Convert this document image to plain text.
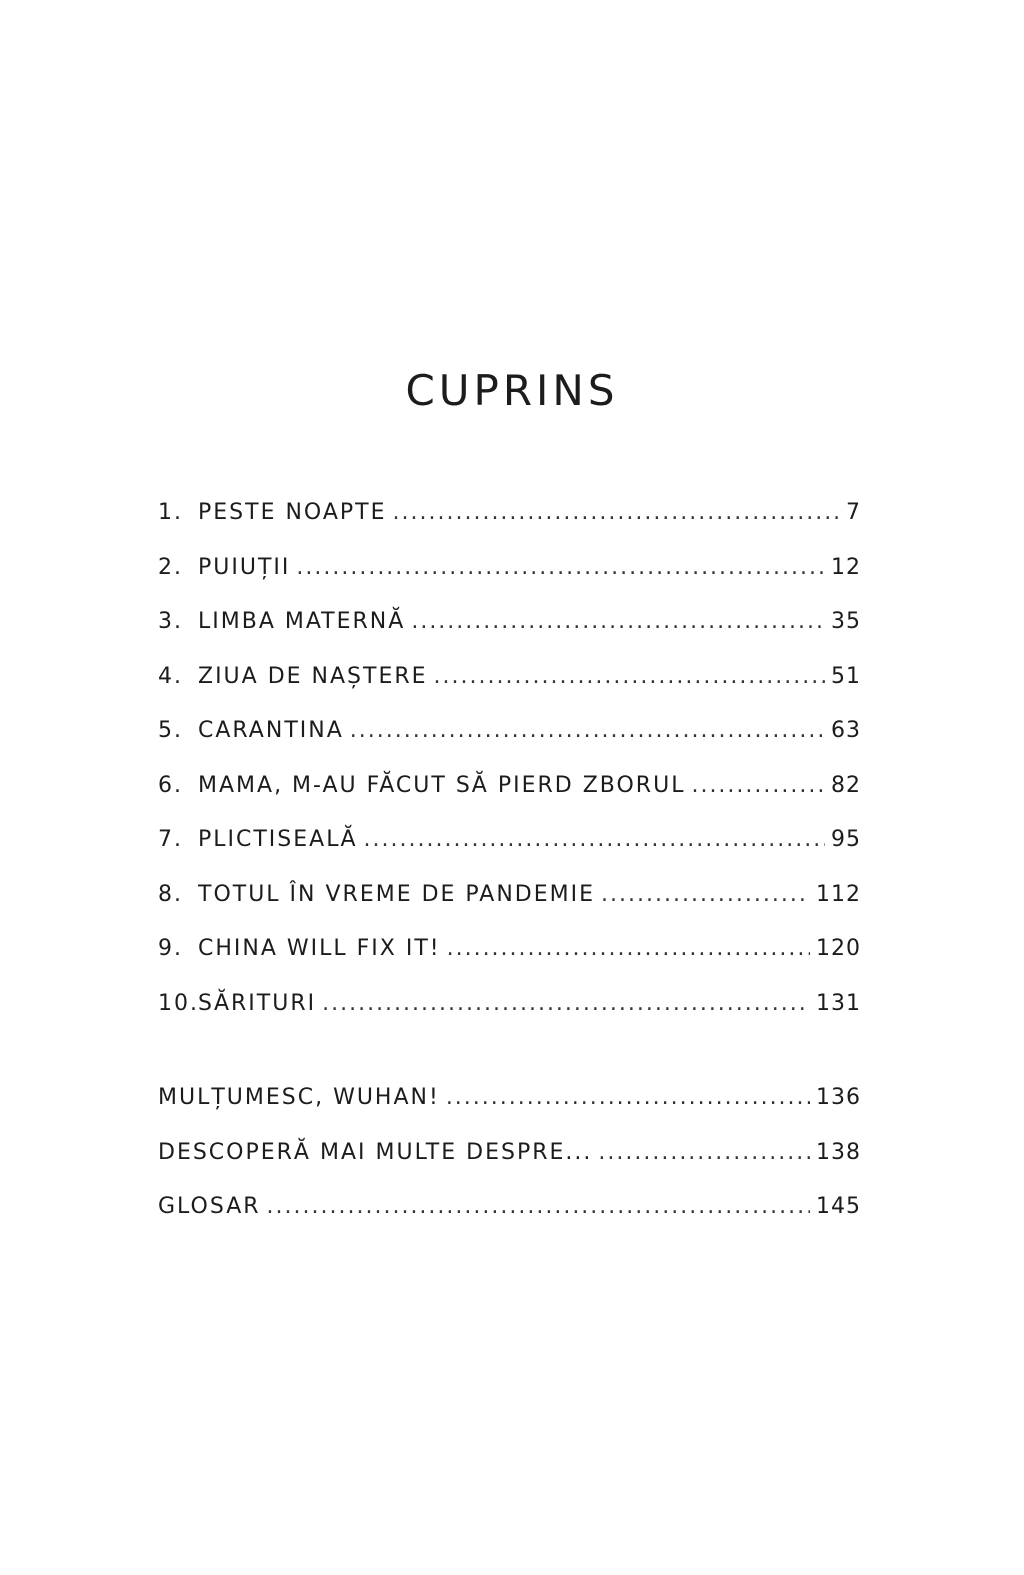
CUPRINS
1. PESTE NOAPTE .....	7
2. PUIUȚII .....	12
3. LIMBA MATERNĂ .....	35
4. ZIUA DE NAȘTERE .....	51
5. CARANTINA .....	63
6. MAMA, M-AU FĂCUT SĂ PIERD ZBORUL .....	82
7. PLICTISEALĂ .....	95
8. TOTUL ÎN VREME DE PANDEMIE .....	112
9. CHINA WILL FIX IT! .....	120
10. SĂRITURI .....	131
MULȚUMESC, WUHAN! .....	136
DESCOPERĂ MAI MULTE DESPRE... .....	138
GLOSAR .....	145
